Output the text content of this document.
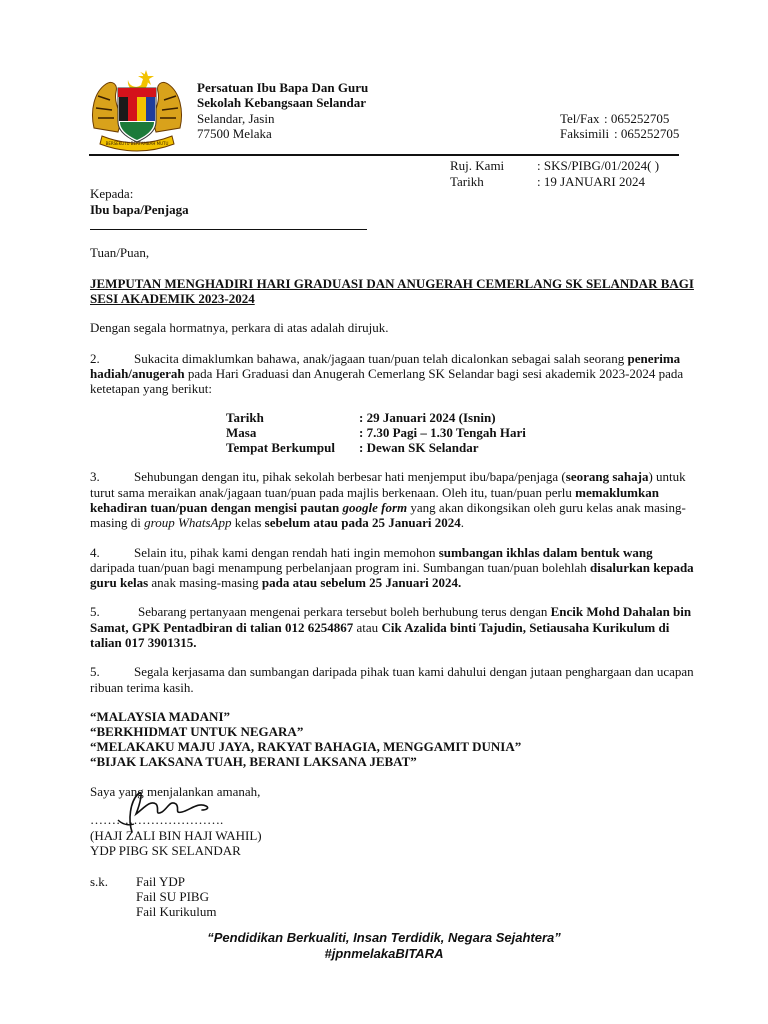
BERSEKUTU BERTAMBAH MUTU
Persatuan Ibu Bapa Dan Guru
Sekolah Kebangsaan Selandar
Selandar, Jasin
77500 Melaka
Tel/Fax : 065252705
Faksimili : 065252705
Ruj. Kami	: SKS/PIBG/01/2024( )
Tarikh	: 19 JANUARI 2024
Kepada:
Ibu bapa/Penjaga
Tuan/Puan,
JEMPUTAN MENGHADIRI HARI GRADUASI DAN ANUGERAH CEMERLANG SK SELANDAR BAGI
SESI AKADEMIK 2023-2024
Dengan segala hormatnya, perkara di atas adalah dirujuk.
2.	Sukacita dimaklumkan bahawa, anak/jagaan tuan/puan telah dicalonkan sebagai salah seorang penerima
hadiah/anugerah pada Hari Graduasi dan Anugerah Cemerlang SK Selandar bagi sesi akademik 2023-2024 pada
ketetapan yang berikut:
Tarikh	: 29 Januari 2024 (Isnin)
Masa	: 7.30 Pagi – 1.30 Tengah Hari
Tempat Berkumpul : Dewan SK Selandar
3.	Sehubungan dengan itu, pihak sekolah berbesar hati menjemput ibu/bapa/penjaga (seorang sahaja) untuk
turut sama meraikan anak/jagaan tuan/puan pada majlis berkenaan. Oleh itu, tuan/puan perlu memaklumkan
kehadiran tuan/puan dengan mengisi pautan google form yang akan dikongsikan oleh guru kelas anak masing-
masing di group WhatsApp kelas sebelum atau pada 25 Januari 2024.
4.	Selain itu, pihak kami dengan rendah hati ingin memohon sumbangan ikhlas dalam bentuk wang
daripada tuan/puan bagi menampung perbelanjaan program ini. Sumbangan tuan/puan bolehlah disalurkan kepada
guru kelas anak masing-masing pada atau sebelum 25 Januari 2024.
5.	Sebarang pertanyaan mengenai perkara tersebut boleh berhubung terus dengan Encik Mohd Dahalan bin
Samat, GPK Pentadbiran di talian 012 6254867 atau Cik Azalida binti Tajudin, Setiausaha Kurikulum di
talian 017 3901315.
5.	Segala kerjasama dan sumbangan daripada pihak tuan kami dahului dengan jutaan penghargaan dan ucapan
ribuan terima kasih.
“MALAYSIA MADANI”
“BERKHIDMAT UNTUK NEGARA”
“MELAKAKU MAJU JAYA, RAKYAT BAHAGIA, MENGGAMIT DUNIA”
“BIJAK LAKSANA TUAH, BERANI LAKSANA JEBAT”
Saya yang menjalankan amanah,
………………………….
(HAJI ZALI BIN HAJI WAHIL)
YDP PIBG SK SELANDAR
s.k. Fail YDP
Fail SU PIBG
Fail Kurikulum
“Pendidikan Berkualiti, Insan Terdidik, Negara Sejahtera”
#jpnmelakaBITARA
